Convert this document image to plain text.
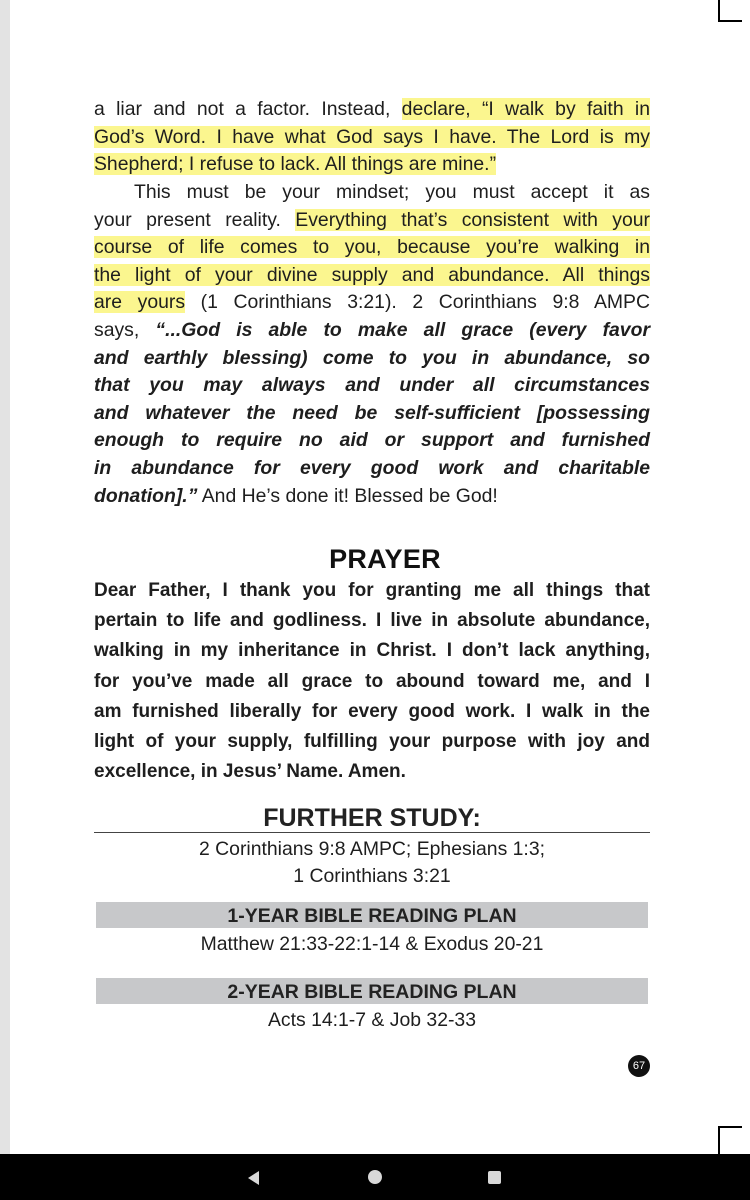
a liar and not a factor. Instead, declare, “I walk by faith in
God’s Word. I have what God says I have. The Lord is my
Shepherd; I refuse to lack. All things are mine.”
This must be your mindset; you must accept it as
your present reality. Everything that’s consistent with your
course of life comes to you, because you’re walking in
the light of your divine supply and abundance. All things
are yours (1 Corinthians 3:21). 2 Corinthians 9:8 AMPC
says, “...God is able to make all grace (every favor
and earthly blessing) come to you in abundance, so
that you may always and under all circumstances
and whatever the need be self-sufficient [possessing
enough to require no aid or support and furnished
in abundance for every good work and charitable
donation].” And He’s done it! Blessed be God!
PRAYER
Dear Father, I thank you for granting me all things that
pertain to life and godliness. I live in absolute abundance,
walking in my inheritance in Christ. I don’t lack anything,
for you’ve made all grace to abound toward me, and I
am furnished liberally for every good work. I walk in the
light of your supply, fulfilling your purpose with joy and
excellence, in Jesus’ Name. Amen.
FURTHER STUDY:
2 Corinthians 9:8 AMPC; Ephesians 1:3;
1 Corinthians 3:21
1-YEAR BIBLE READING PLAN
Matthew 21:33-22:1-14 & Exodus 20-21
2-YEAR BIBLE READING PLAN
Acts 14:1-7 & Job 32-33
67
